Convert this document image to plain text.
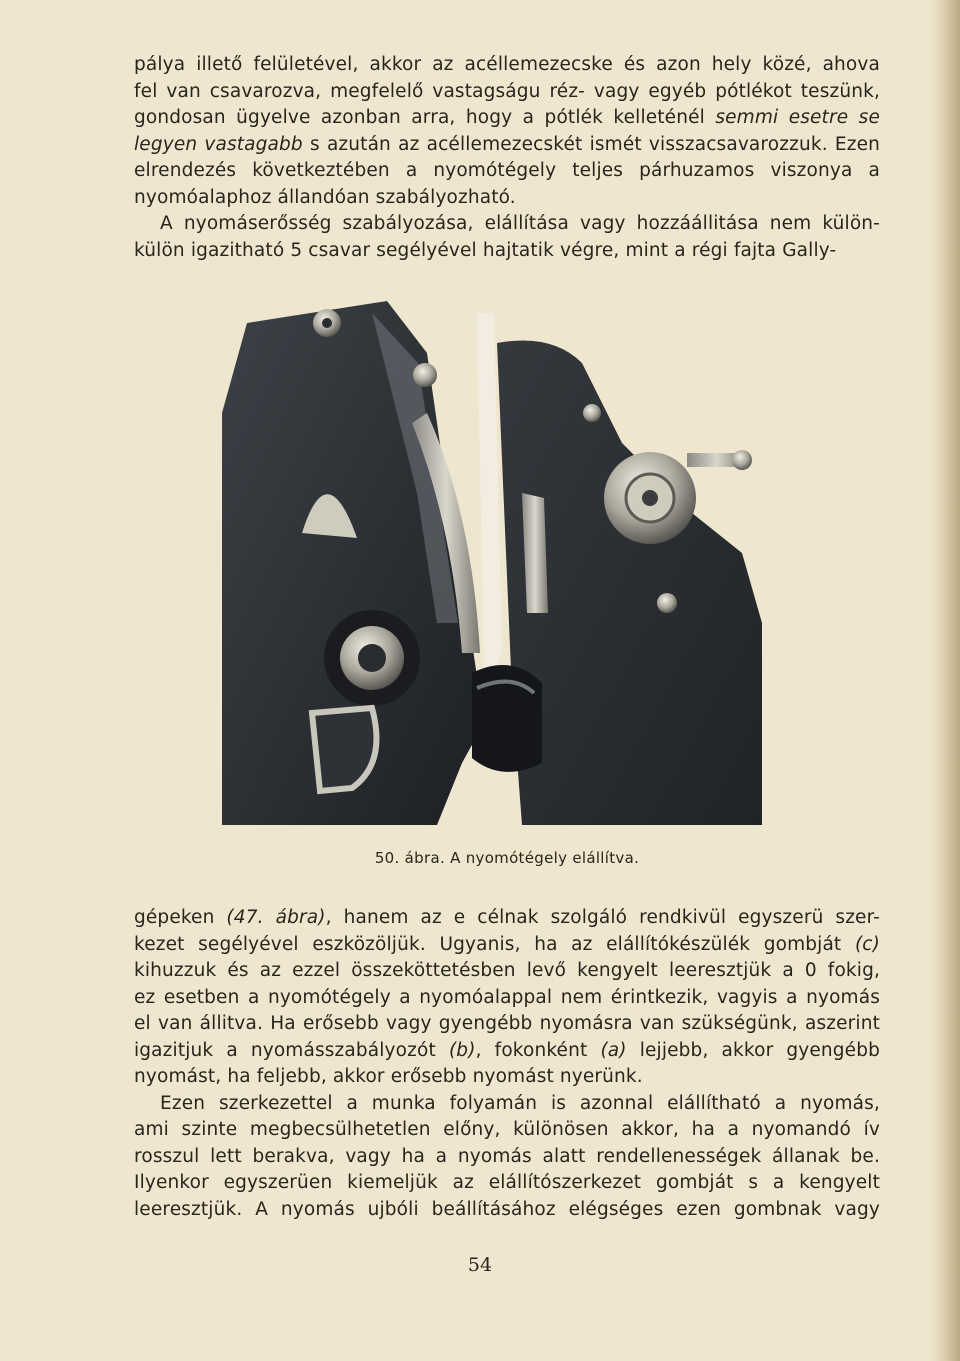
pálya illető felületével, akkor az acéllemezecske és azon hely közé, ahova

fel van csavarozva, megfelelő vastagságu réz- vagy egyéb pótlékot teszünk,

gondosan ügyelve azonban arra, hogy a pótlék kelleténél semmi esetre se

legyen vastagabb s azután az acéllemezecskét ismét visszacsavarozzuk. Ezen

elrendezés következtében a nyomótégely teljes párhuzamos viszonya a

nyomóalaphoz állandóan szabályozható.

A nyomáserősség szabályozása, elállítása vagy hozzáállitása nem külön-

külön igazitható 5 csavar segélyével hajtatik végre, mint a régi fajta Gally-

50. ábra. A nyomótégely elállítva.

gépeken (47. ábra), hanem az e célnak szolgáló rendkivül egyszerü szer-

kezet segélyével eszközöljük. Ugyanis, ha az elállítókészülék gombját (c)

kihuzzuk és az ezzel összeköttetésben levő kengyelt leeresztjük a 0 fokig,

ez esetben a nyomótégely a nyomóalappal nem érintkezik, vagyis a nyomás

el van állitva. Ha erősebb vagy gyengébb nyomásra van szükségünk, aszerint

igazitjuk a nyomásszabályozót (b), fokonként (a) lejjebb, akkor gyengébb

nyomást, ha feljebb, akkor erősebb nyomást nyerünk.

Ezen szerkezettel a munka folyamán is azonnal elállítható a nyomás,

ami szinte megbecsülhetetlen előny, különösen akkor, ha a nyomandó ív

rosszul lett berakva, vagy ha a nyomás alatt rendellenességek állanak be.

Ilyenkor egyszerüen kiemeljük az elállítószerkezet gombját s a kengyelt

leeresztjük. A nyomás ujbóli beállításához elégséges ezen gombnak vagy

54
